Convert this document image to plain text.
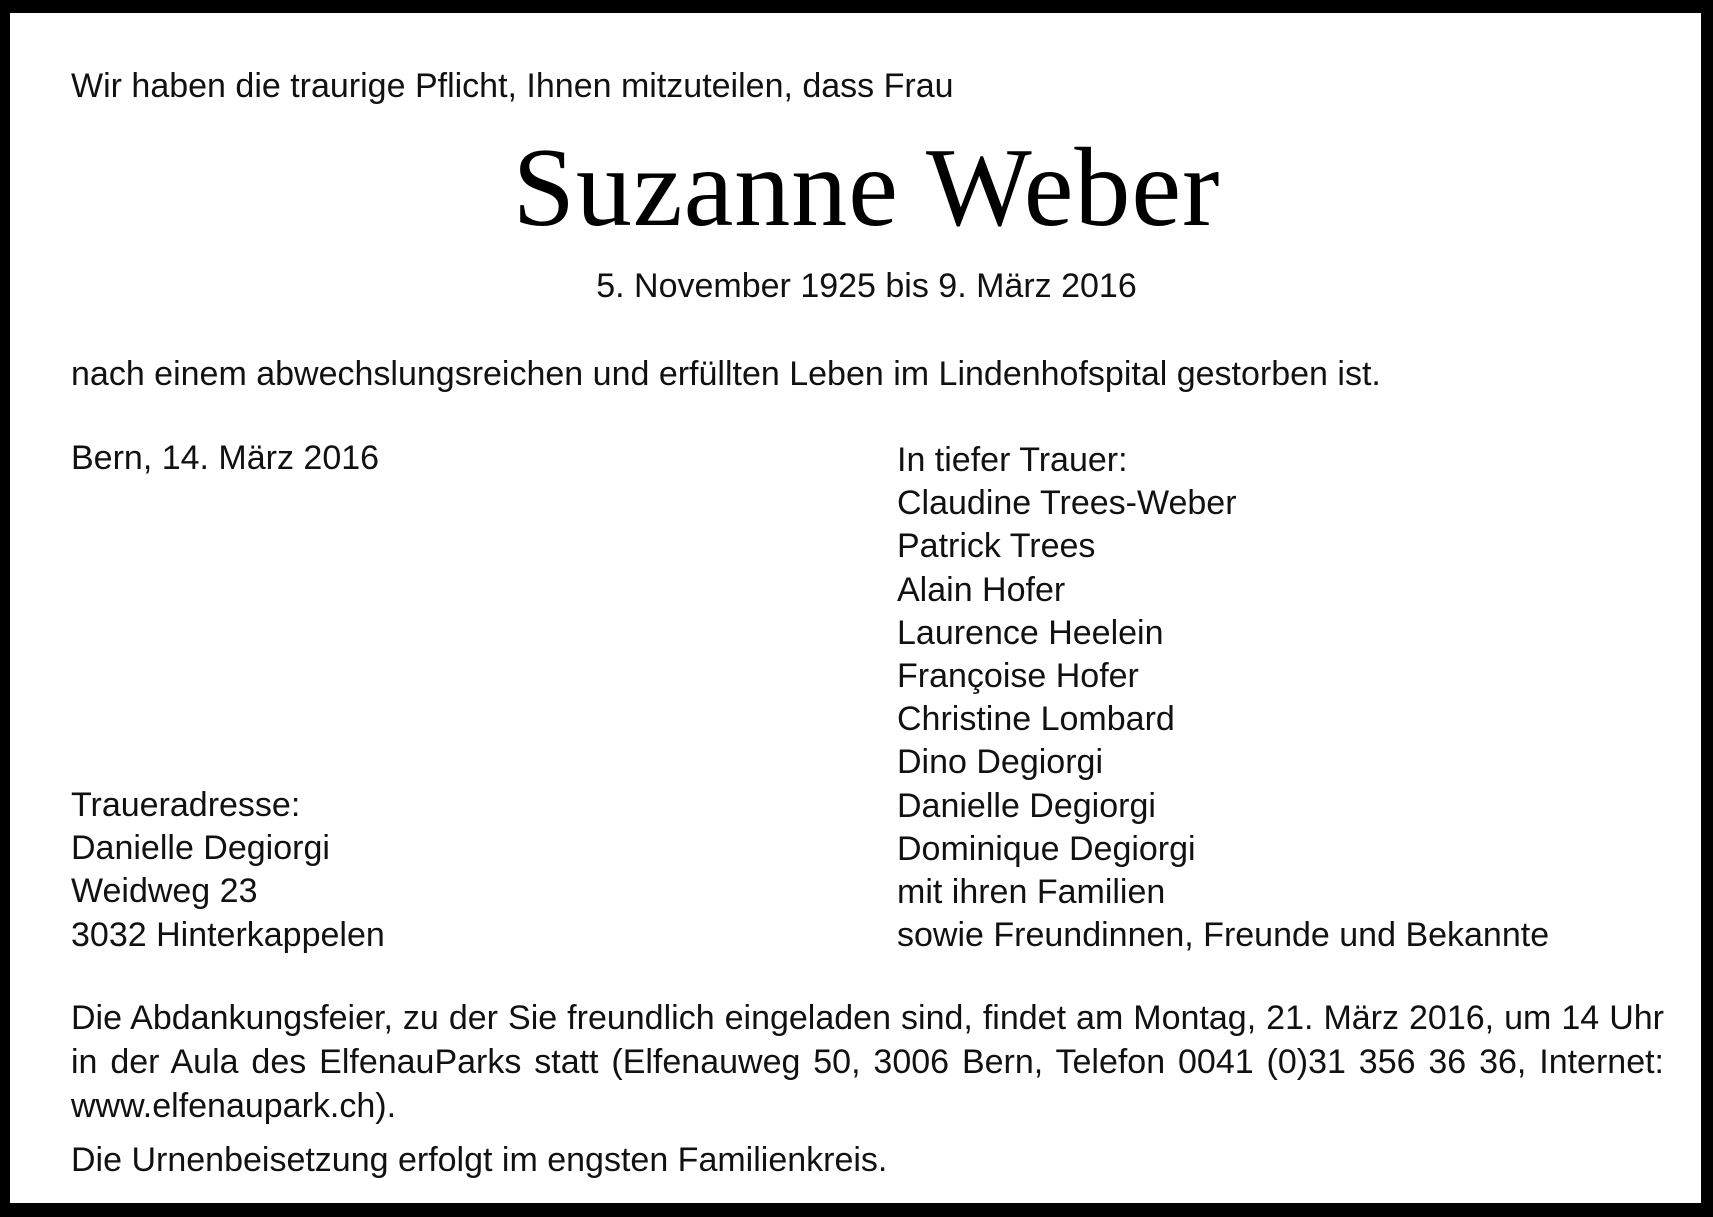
Wir haben die traurige Pflicht, Ihnen mitzuteilen, dass Frau

Suzanne Weber

5. November 1925 bis 9. März 2016

nach einem abwechslungsreichen und erfüllten Leben im Lindenhofspital gestorben ist.

Bern, 14. März 2016	In tiefer Trauer:
Claudine Trees-Weber
Patrick Trees
Alain Hofer
Laurence Heelein
Françoise Hofer
Christine Lombard
Dino Degiorgi
Danielle Degiorgi
Dominique Degiorgi
mit ihren Familien
sowie Freundinnen, Freunde und Bekannte
Traueradresse:
Danielle Degiorgi
Weidweg 23
3032 Hinterkappelen

Die Abdankungsfeier, zu der Sie freundlich eingeladen sind, findet am Montag, 21. März 2016, um 14 Uhr in der Aula des ElfenauParks statt (Elfenauweg 50, 3006 Bern, Telefon 0041 (0)31 356 36 36, Internet: www.elfenaupark.ch).

Die Urnenbeisetzung erfolgt im engsten Familienkreis.
